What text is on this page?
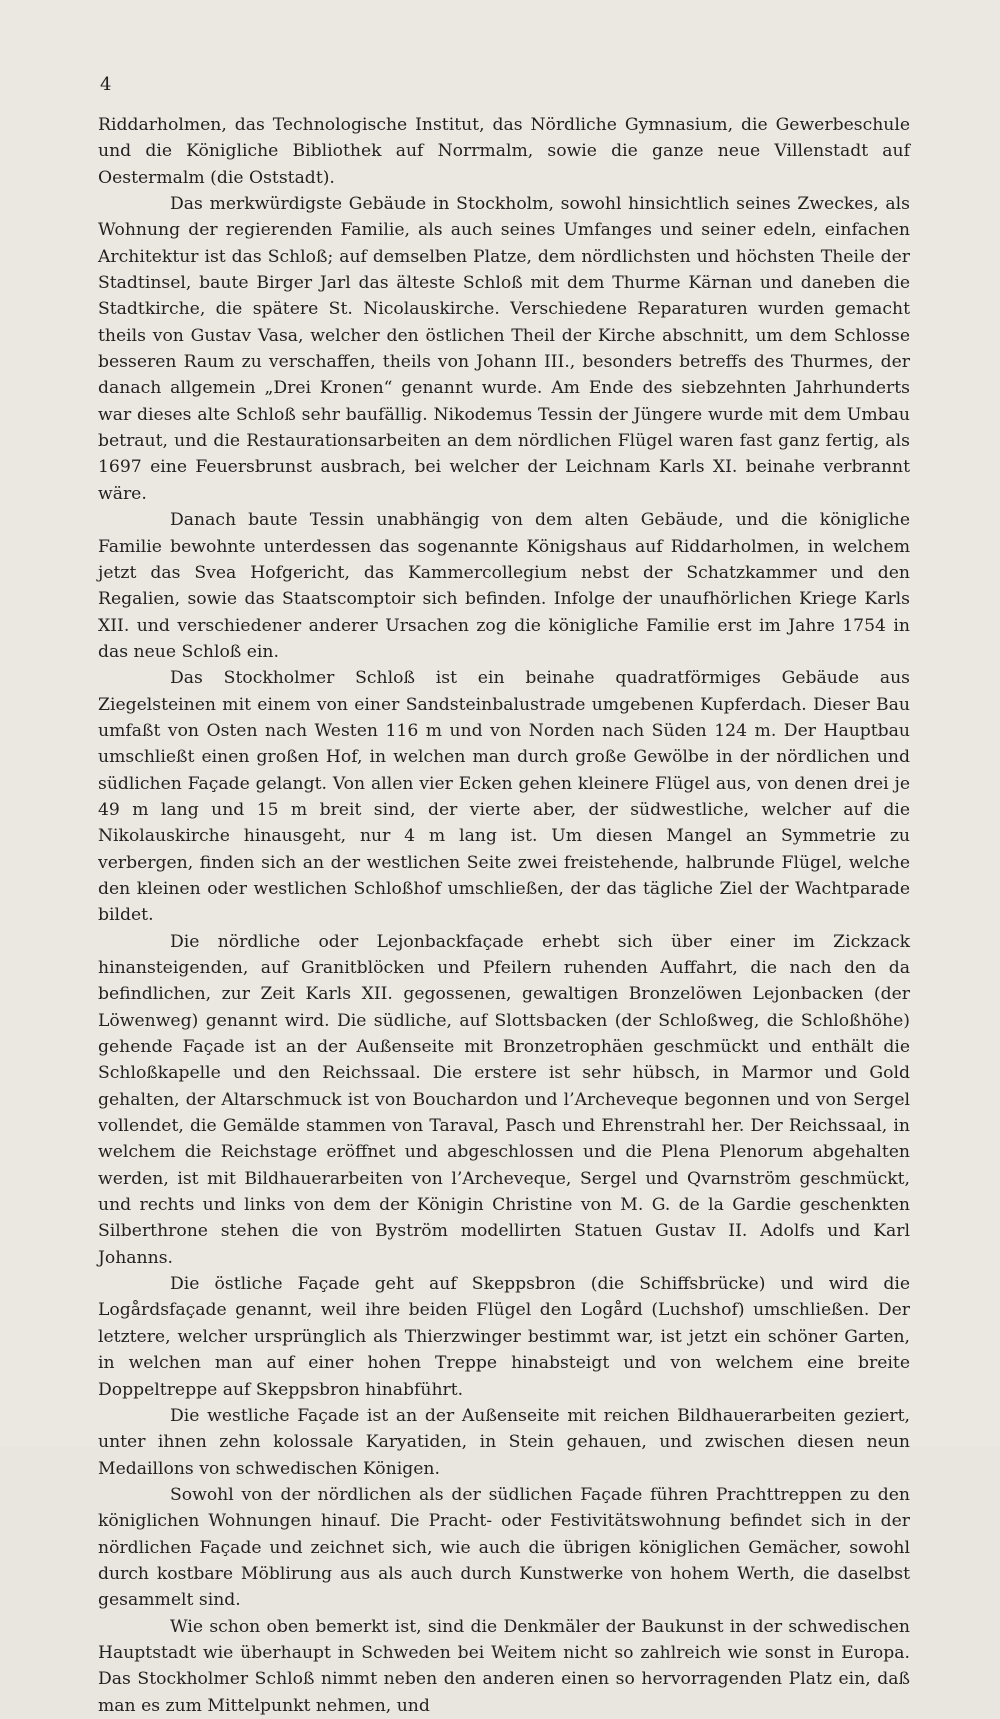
4

Riddarholmen, das Technologische Institut, das Nördliche Gymnasium, die Gewerbeschule und die Königliche Bibliothek auf Norrmalm, sowie die ganze neue Villenstadt auf Oestermalm (die Oststadt).

Das merkwürdigste Gebäude in Stockholm, sowohl hinsichtlich seines Zweckes, als Wohnung der regierenden Familie, als auch seines Umfanges und seiner edeln, einfachen Architektur ist das Schloß; auf demselben Platze, dem nördlichsten und höchsten Theile der Stadtinsel, baute Birger Jarl das älteste Schloß mit dem Thurme Kärnan und daneben die Stadtkirche, die spätere St. Nicolauskirche. Verschiedene Reparaturen wurden gemacht theils von Gustav Vasa, welcher den östlichen Theil der Kirche abschnitt, um dem Schlosse besseren Raum zu verschaffen, theils von Johann III., besonders betreffs des Thurmes, der danach allgemein „Drei Kronen“ genannt wurde. Am Ende des siebzehnten Jahrhunderts war dieses alte Schloß sehr baufällig. Nikodemus Tessin der Jüngere wurde mit dem Umbau betraut, und die Restaurationsarbeiten an dem nördlichen Flügel waren fast ganz fertig, als 1697 eine Feuersbrunst ausbrach, bei welcher der Leichnam Karls XI. beinahe verbrannt wäre.

Danach baute Tessin unabhängig von dem alten Gebäude, und die königliche Familie bewohnte unterdessen das sogenannte Königshaus auf Riddarholmen, in welchem jetzt das Svea Hofgericht, das Kammercollegium nebst der Schatzkammer und den Regalien, sowie das Staatscomptoir sich befinden. Infolge der unaufhörlichen Kriege Karls XII. und verschiedener anderer Ursachen zog die königliche Familie erst im Jahre 1754 in das neue Schloß ein.

Das Stockholmer Schloß ist ein beinahe quadratförmiges Gebäude aus Ziegelsteinen mit einem von einer Sandsteinbalustrade umgebenen Kupferdach. Dieser Bau umfaßt von Osten nach Westen 116 m und von Norden nach Süden 124 m. Der Hauptbau umschließt einen großen Hof, in welchen man durch große Gewölbe in der nördlichen und südlichen Façade gelangt. Von allen vier Ecken gehen kleinere Flügel aus, von denen drei je 49 m lang und 15 m breit sind, der vierte aber, der südwestliche, welcher auf die Nikolauskirche hinausgeht, nur 4 m lang ist. Um diesen Mangel an Symmetrie zu verbergen, finden sich an der westlichen Seite zwei freistehende, halbrunde Flügel, welche den kleinen oder westlichen Schloßhof umschließen, der das tägliche Ziel der Wachtparade bildet.

Die nördliche oder Lejonbackfaçade erhebt sich über einer im Zickzack hinansteigenden, auf Granitblöcken und Pfeilern ruhenden Auffahrt, die nach den da befindlichen, zur Zeit Karls XII. gegossenen, gewaltigen Bronzelöwen Lejonbacken (der Löwenweg) genannt wird. Die südliche, auf Slottsbacken (der Schloßweg, die Schloßhöhe) gehende Façade ist an der Außenseite mit Bronzetrophäen geschmückt und enthält die Schloßkapelle und den Reichssaal. Die erstere ist sehr hübsch, in Marmor und Gold gehalten, der Altarschmuck ist von Bouchardon und l’Archeveque begonnen und von Sergel vollendet, die Gemälde stammen von Taraval, Pasch und Ehrenstrahl her. Der Reichssaal, in welchem die Reichstage eröffnet und abgeschlossen und die Plena Plenorum abgehalten werden, ist mit Bildhauerarbeiten von l’Archeveque, Sergel und Qvarnström geschmückt, und rechts und links von dem der Königin Christine von M. G. de la Gardie geschenkten Silberthrone stehen die von Byström modellirten Statuen Gustav II. Adolfs und Karl Johanns.

Die östliche Façade geht auf Skeppsbron (die Schiffsbrücke) und wird die Logårdsfaçade genannt, weil ihre beiden Flügel den Logård (Luchshof) umschließen. Der letztere, welcher ursprünglich als Thierzwinger bestimmt war, ist jetzt ein schöner Garten, in welchen man auf einer hohen Treppe hinabsteigt und von welchem eine breite Doppeltreppe auf Skeppsbron hinabführt.

Die westliche Façade ist an der Außenseite mit reichen Bildhauerarbeiten geziert, unter ihnen zehn kolossale Karyatiden, in Stein gehauen, und zwischen diesen neun Medaillons von schwedischen Königen.

Sowohl von der nördlichen als der südlichen Façade führen Prachttreppen zu den königlichen Wohnungen hinauf. Die Pracht- oder Festivitätswohnung befindet sich in der nördlichen Façade und zeichnet sich, wie auch die übrigen königlichen Gemächer, sowohl durch kostbare Möblirung aus als auch durch Kunstwerke von hohem Werth, die daselbst gesammelt sind.

Wie schon oben bemerkt ist, sind die Denkmäler der Baukunst in der schwedischen Hauptstadt wie überhaupt in Schweden bei Weitem nicht so zahlreich wie sonst in Europa. Das Stockholmer Schloß nimmt neben den anderen einen so hervorragenden Platz ein, daß man es zum Mittelpunkt nehmen, und
